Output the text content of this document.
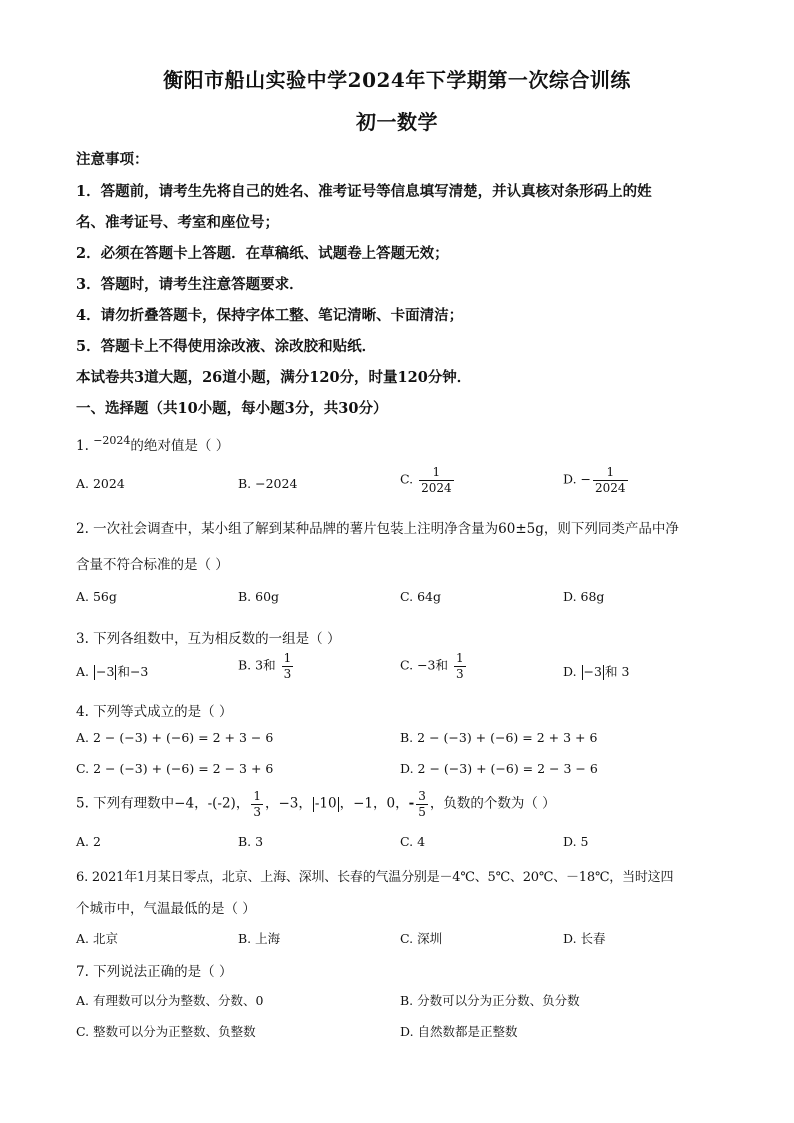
衡阳市船山实验中学2024年下学期第一次综合训练
初一数学
注意事项：
1．答题前，请考生先将自己的姓名、准考证号等信息填写清楚，并认真核对条形码上的姓
名、准考证号、考室和座位号；
2．必须在答题卡上答题．在草稿纸、试题卷上答题无效；
3．答题时，请考生注意答题要求．
4．请勿折叠答题卡，保持字体工整、笔记清晰、卡面清洁；
5．答题卡上不得使用涂改液、涂改胶和贴纸．
本试卷共3道大题，26道小题，满分120分，时量120分钟．
一、选择题（共10小题，每小题3分，共30分）
1. $^{-2024}$的绝对值是（ ）
A. 2024	B. −2024	C. $\frac{1}{2024}$	D. − $\frac{1}{2024}$
2. 一次社会调查中，某小组了解到某种品牌的薯片包装上注明净含量为60±5g，则下列同类产品中净
含量不符合标准的是（ ）
A. 56g	B. 60g	C. 64g	D. 68g
3. 下列各组数中，互为相反数的一组是（ ）
A. −3 和−3	B. 3和 $\frac{1}{3}$	C. −3和 $\frac{1}{3}$	D. −3 和 3
4. 下列等式成立的是（ ）
A. 2 − (−3) + (−6) = 2 + 3 − 6	B. 2 − (−3) + (−6) = 2 + 3 + 6
C. 2 − (−3) + (−6) = 2 − 3 + 6	D. 2 − (−3) + (−6) = 2 − 3 − 6
5. 下列有理数中−4，-(-2)， $\frac{1}{3}$ ，−3， -10 ，−1，0，- $\frac{3}{5}$ ，负数的个数为（ ）
A. 2	B. 3	C. 4	D. 5
6. 2021年1月某日零点，北京、上海、深圳、长春的气温分别是－4℃、5℃、20℃、－18℃，当时这四
个城市中，气温最低的是（ ）
A. 北京	B. 上海	C. 深圳	D. 长春
7. 下列说法正确的是（ ）
A. 有理数可以分为整数、分数、0	B. 分数可以分为正分数、负分数
C. 整数可以分为正整数、负整数	D. 自然数都是正整数
